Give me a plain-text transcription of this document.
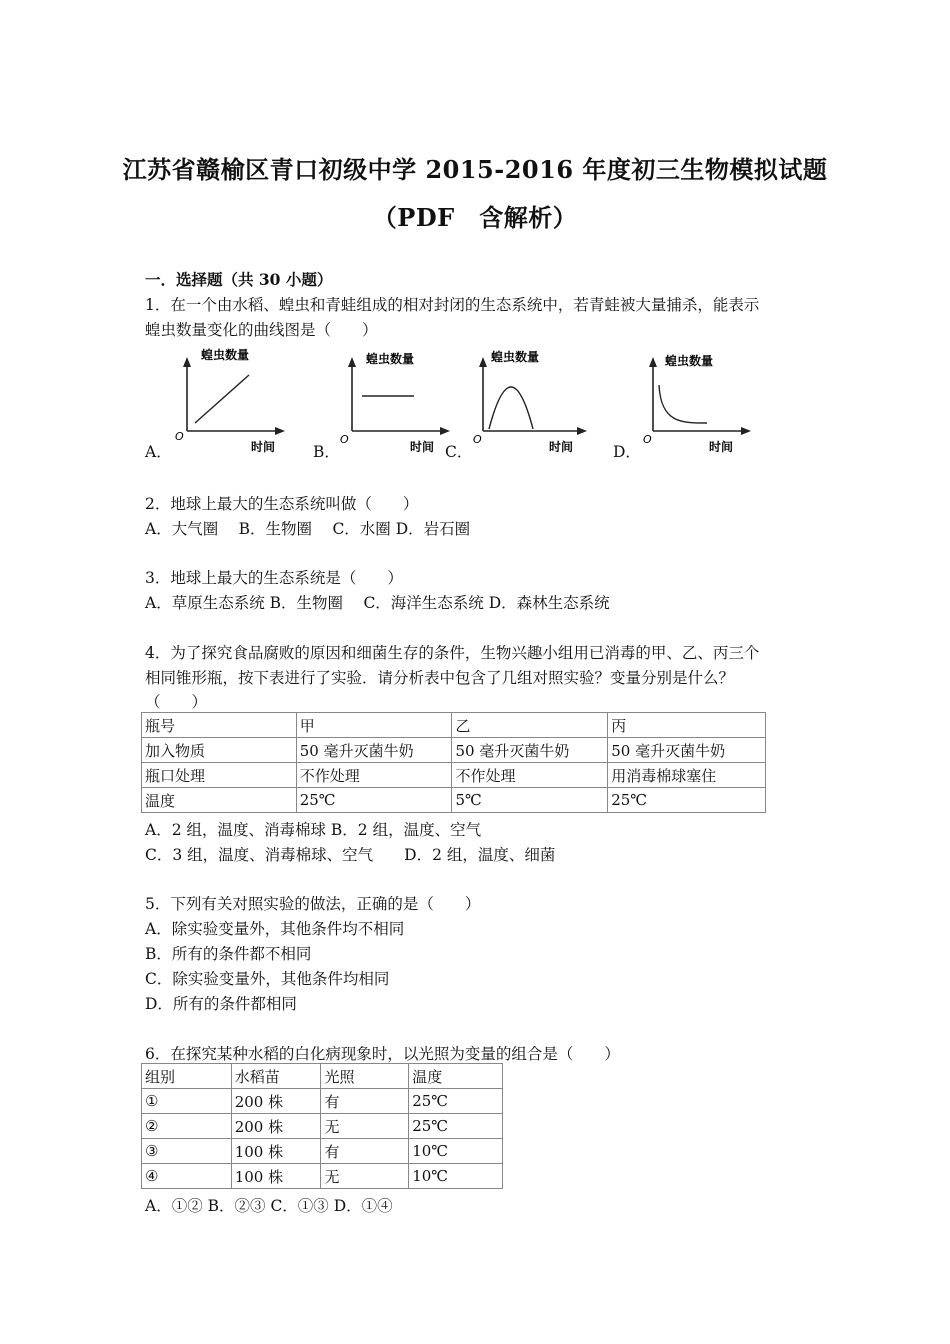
江苏省赣榆区青口初级中学 2015-2016 年度初三生物模拟试题
（PDF　含解析）
一．选择题（共 30 小题）
1．在一个由水稻、蝗虫和青蛙组成的相对封闭的生态系统中，若青蛙被大量捕杀，能表示
蝗虫数量变化的曲线图是（　　）
A．
蝗虫数量
O
时间 B．
蝗虫数量
O
时间 C．
蝗虫数量
O
时间	D．
蝗虫数量
O
时间
2．地球上最大的生态系统叫做（　　）
A．大气圈　 B．生物圈　 C．水圈 D．岩石圈
3．地球上最大的生态系统是（　　）
A．草原生态系统 B．生物圈　 C．海洋生态系统 D．森林生态系统
4．为了探究食品腐败的原因和细菌生存的条件，生物兴趣小组用已消毒的甲、乙、丙三个
相同锥形瓶，按下表进行了实验．请分析表中包含了几组对照实验？变量分别是什么？
（　　）
瓶号	甲	乙	丙
加入物质	50 毫升灭菌牛奶	50 毫升灭菌牛奶	50 毫升灭菌牛奶
瓶口处理	不作处理	不作处理	用消毒棉球塞住
温度	25℃	5℃	25℃
A．2 组，温度、消毒棉球 B．2 组，温度、空气
C．3 组，温度、消毒棉球、空气　　D．2 组，温度、细菌
5．下列有关对照实验的做法，正确的是（　　）
A．除实验变量外，其他条件均不相同
B．所有的条件都不相同
C．除实验变量外，其他条件均相同
D．所有的条件都相同
6．在探究某种水稻的白化病现象时，以光照为变量的组合是（　　）
组别	水稻苗	光照	温度
①	200 株	有	25℃
②	200 株	无	25℃
③	100 株	有	10℃
④	100 株	无	10℃
A．①② B．②③ C．①③ D．①④
